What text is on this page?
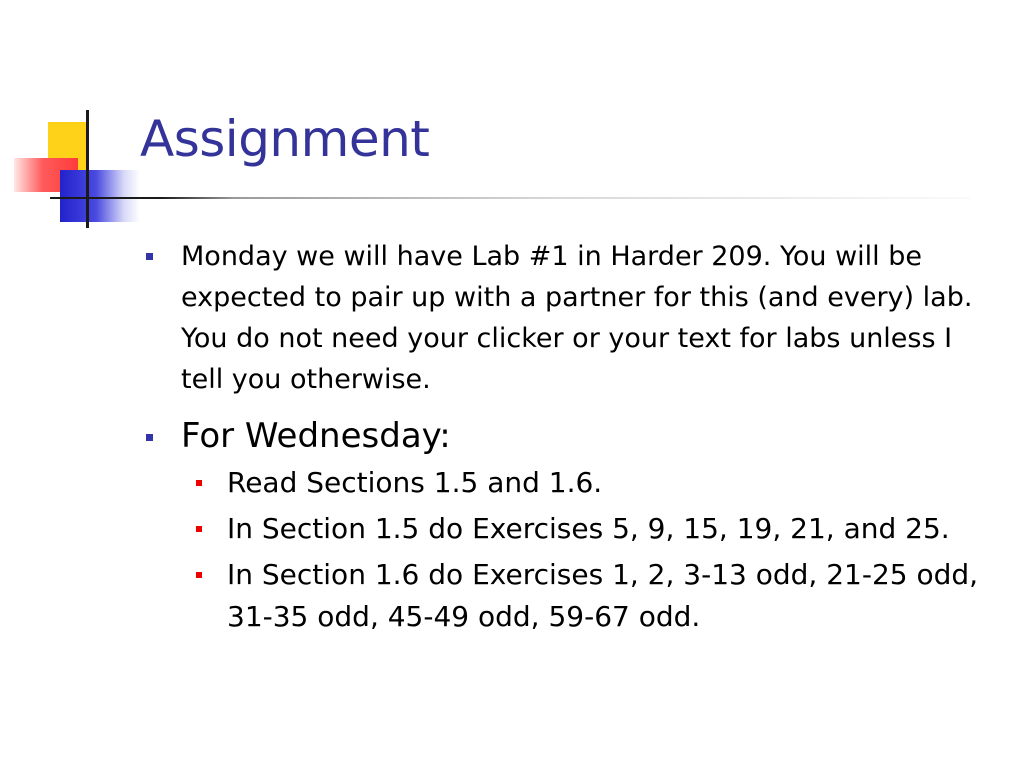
Assignment
Monday we will have Lab #1 in Harder 209. You will be expected to pair up with a partner for this (and every) lab. You do not need your clicker or your text for labs unless I tell you otherwise.
For Wednesday:
Read Sections 1.5 and 1.6.
In Section 1.5 do Exercises 5, 9, 15, 19, 21, and 25.
In Section 1.6 do Exercises 1, 2, 3-13 odd, 21-25 odd, 31-35 odd, 45-49 odd, 59-67 odd.
